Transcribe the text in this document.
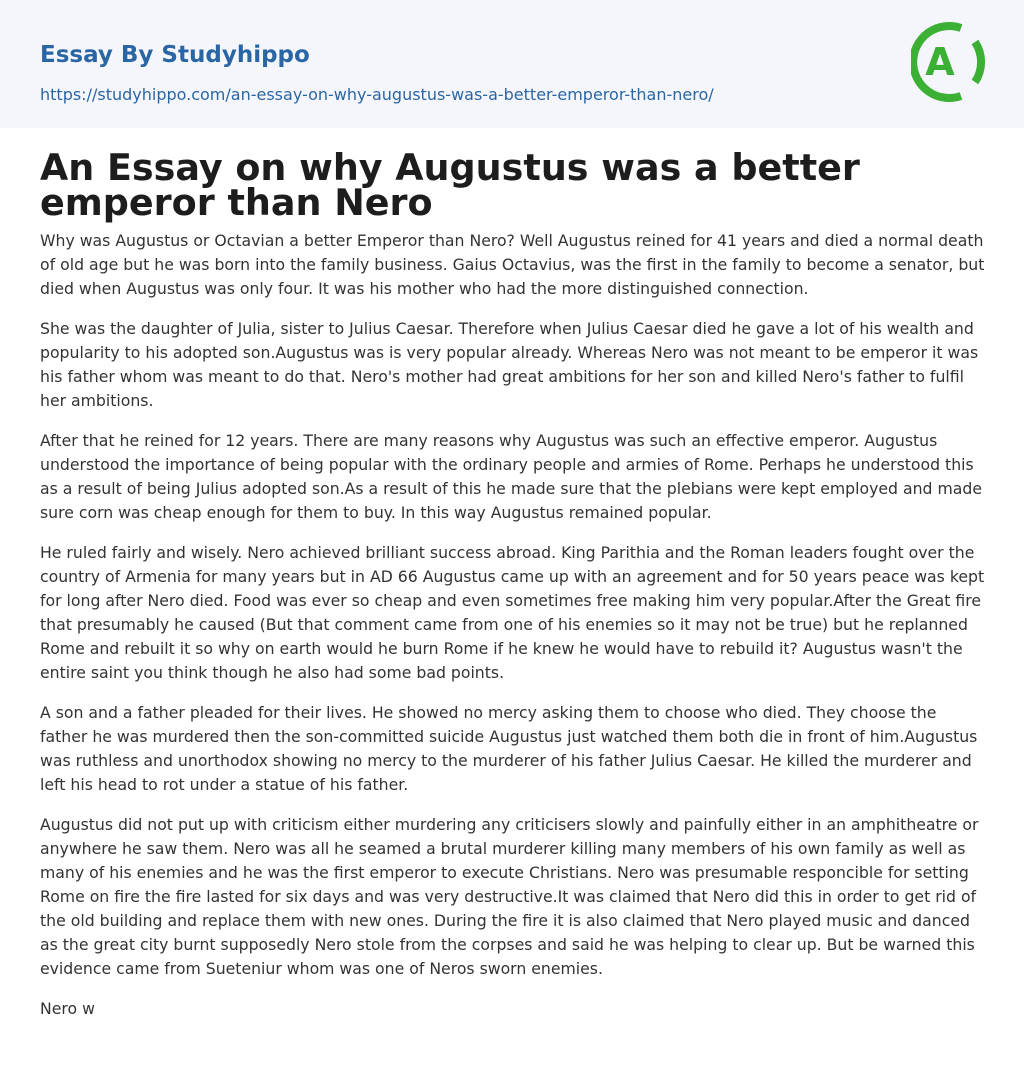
Essay By Studyhippo
https://studyhippo.com/an-essay-on-why-augustus-was-a-better-emperor-than-nero/
A
An Essay on why Augustus was a better emperor than Nero

Why was Augustus or Octavian a better Emperor than Nero? Well Augustus reined for 41 years and died a normal death of old age but he was born into the family business. Gaius Octavius, was the first in the family to become a senator, but died when Augustus was only four. It was his mother who had the more distinguished connection.

She was the daughter of Julia, sister to Julius Caesar. Therefore when Julius Caesar died he gave a lot of his wealth and popularity to his adopted son.Augustus was is very popular already. Whereas Nero was not meant to be emperor it was his father whom was meant to do that. Nero's mother had great ambitions for her son and killed Nero's father to fulfil her ambitions.

After that he reined for 12 years. There are many reasons why Augustus was such an effective emperor. Augustus understood the importance of being popular with the ordinary people and armies of Rome. Perhaps he understood this as a result of being Julius adopted son.As a result of this he made sure that the plebians were kept employed and made sure corn was cheap enough for them to buy. In this way Augustus remained popular.

He ruled fairly and wisely. Nero achieved brilliant success abroad. King Parithia and the Roman leaders fought over the country of Armenia for many years but in AD 66 Augustus came up with an agreement and for 50 years peace was kept for long after Nero died. Food was ever so cheap and even sometimes free making him very popular.After the Great fire that presumably he caused (But that comment came from one of his enemies so it may not be true) but he replanned Rome and rebuilt it so why on earth would he burn Rome if he knew he would have to rebuild it? Augustus wasn't the entire saint you think though he also had some bad points.

A son and a father pleaded for their lives. He showed no mercy asking them to choose who died. They choose the father he was murdered then the son-committed suicide Augustus just watched them both die in front of him.Augustus was ruthless and unorthodox showing no mercy to the murderer of his father Julius Caesar. He killed the murderer and left his head to rot under a statue of his father.

Augustus did not put up with criticism either murdering any criticisers slowly and painfully either in an amphitheatre or anywhere he saw them. Nero was all he seamed a brutal murderer killing many members of his own family as well as many of his enemies and he was the first emperor to execute Christians. Nero was presumable responcible for setting Rome on fire the fire lasted for six days and was very destructive.It was claimed that Nero did this in order to get rid of the old building and replace them with new ones. During the fire it is also claimed that Nero played music and danced as the great city burnt supposedly Nero stole from the corpses and said he was helping to clear up. But be warned this evidence came from Sueteniur whom was one of Neros sworn enemies.

Nero w
